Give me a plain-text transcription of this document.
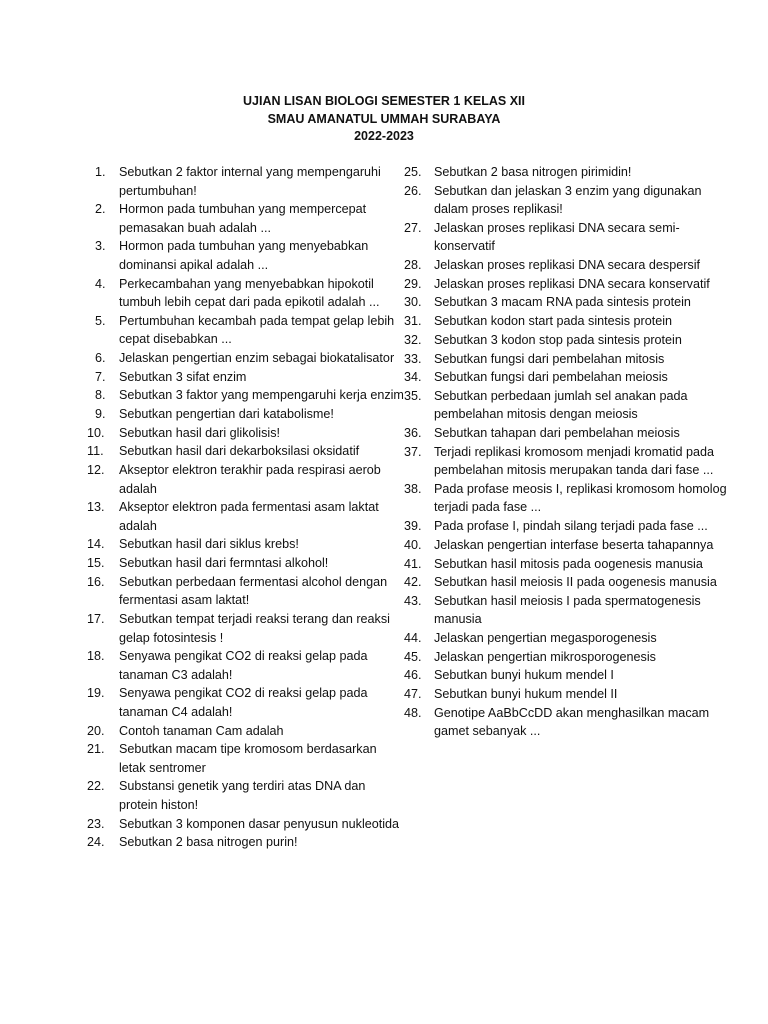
UJIAN LISAN BIOLOGI SEMESTER 1 KELAS XII
SMAU AMANATUL UMMAH SURABAYA
2022-2023
1. Sebutkan 2 faktor internal yang mempengaruhi pertumbuhan!
2. Hormon pada tumbuhan yang mempercepat pemasakan buah adalah ...
3. Hormon pada tumbuhan yang menyebabkan dominansi apikal adalah ...
4. Perkecambahan yang menyebabkan hipokotil tumbuh lebih cepat dari pada epikotil adalah ...
5. Pertumbuhan kecambah pada tempat gelap lebih cepat disebabkan ...
6. Jelaskan pengertian enzim sebagai biokatalisator
7. Sebutkan 3 sifat enzim
8. Sebutkan 3 faktor yang mempengaruhi kerja enzim
9. Sebutkan pengertian dari katabolisme!
10. Sebutkan hasil dari glikolisis!
11. Sebutkan hasil dari dekarboksilasi oksidatif
12. Akseptor elektron terakhir pada respirasi aerob adalah
13. Akseptor elektron pada fermentasi asam laktat adalah
14. Sebutkan hasil dari siklus krebs!
15. Sebutkan hasil dari fermntasi alkohol!
16. Sebutkan perbedaan fermentasi alcohol dengan fermentasi asam laktat!
17. Sebutkan tempat terjadi reaksi terang dan reaksi gelap fotosintesis !
18. Senyawa pengikat CO2 di reaksi gelap pada tanaman C3 adalah!
19. Senyawa pengikat CO2 di reaksi gelap pada tanaman C4 adalah!
20. Contoh tanaman Cam adalah
21. Sebutkan macam tipe kromosom berdasarkan letak sentromer
22. Substansi genetik yang terdiri atas DNA dan protein histon!
23. Sebutkan 3 komponen dasar penyusun nukleotida
24. Sebutkan 2 basa nitrogen purin!
25. Sebutkan 2 basa nitrogen pirimidin!
26. Sebutkan dan jelaskan 3 enzim yang digunakan dalam proses replikasi!
27. Jelaskan proses replikasi DNA secara semi-konservatif
28. Jelaskan proses replikasi DNA secara despersif
29. Jelaskan proses replikasi DNA secara konservatif
30. Sebutkan 3 macam RNA pada sintesis protein
31. Sebutkan kodon start pada sintesis protein
32. Sebutkan 3 kodon stop pada sintesis protein
33. Sebutkan fungsi dari pembelahan mitosis
34. Sebutkan fungsi dari pembelahan meiosis
35. Sebutkan perbedaan jumlah sel anakan pada pembelahan mitosis dengan meiosis
36. Sebutkan tahapan dari pembelahan meiosis
37. Terjadi replikasi kromosom menjadi kromatid pada pembelahan mitosis merupakan tanda dari fase ...
38. Pada profase meosis I, replikasi kromosom homolog terjadi pada fase ...
39. Pada profase I, pindah silang terjadi pada fase ...
40. Jelaskan pengertian interfase beserta tahapannya
41. Sebutkan hasil mitosis pada oogenesis manusia
42. Sebutkan hasil meiosis II pada oogenesis manusia
43. Sebutkan hasil meiosis I pada spermatogenesis manusia
44. Jelaskan pengertian megasporogenesis
45. Jelaskan pengertian mikrosporogenesis
46. Sebutkan bunyi hukum mendel I
47. Sebutkan bunyi hukum mendel II
48. Genotipe AaBbCcDD akan menghasilkan macam gamet sebanyak ...
